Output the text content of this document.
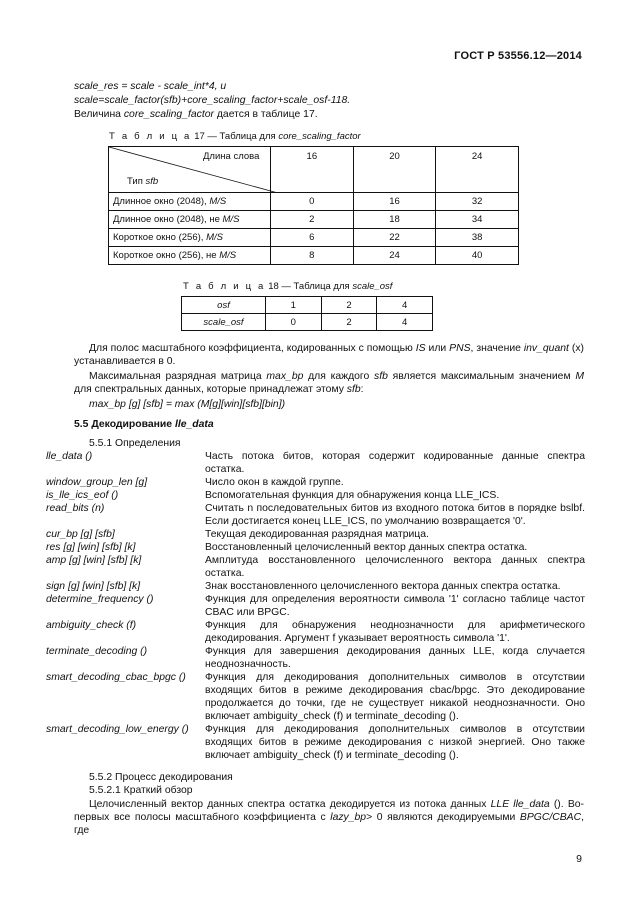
ГОСТ Р 53556.12—2014
scale_res = scale - scale_int*4, u
scale=scale_factor(sfb)+core_scaling_factor+scale_osf-118.
Величина core_scaling_factor дается в таблице 17.
Т а б л и ц а 17 — Таблица для core_scaling_factor
Длина слова
Тип sfb	16	20	24
Длинное окно (2048), M/S	0	16	32
Длинное окно (2048), не M/S	2	18	34
Короткое окно (256), M/S	6	22	38
Короткое окно (256), не M/S	8	24	40
Т а б л и ц а 18 — Таблица для scale_osf
osf	1	2	4
scale_osf	0	2	4
Для полос масштабного коэффициента, кодированных с помощью IS или PNS, значение inv_quant (x) устанавливается в 0.
Максимальная разрядная матрица max_bp для каждого sfb является максимальным значением M для спектральных данных, которые принадлежат этому sfb:
max_bp [g] [sfb] = max (M[g][win][sfb][bin])
5.5 Декодирование lle_data
5.5.1 Определения
lle_data ()	Часть потока битов, которая содержит кодированные данные спектра остатка.
window_group_len [g]	Число окон в каждой группе.
is_lle_ics_eof ()	Вспомогательная функция для обнаружения конца LLE_ICS.
read_bits (n)	Считать n последовательных битов из входного потока битов в порядке bslbf. Если достигается конец LLE_ICS, по умолчанию возвращается '0'.
cur_bp [g] [sfb]	Текущая декодированная разрядная матрица.
res [g] [win] [sfb] [k]	Восстановленный целочисленный вектор данных спектра остатка.
amp [g] [win] [sfb] [k]	Амплитуда восстановленного целочисленного вектора данных спектра остатка.
sign [g] [win] [sfb] [k]	Знак восстановленного целочисленного вектора данных спектра остатка.
determine_frequency ()	Функция для определения вероятности символа '1' согласно таблице частот CBAC или BPGC.
ambiguity_check (f)	Функция для обнаружения неоднозначности для арифметического декодирования. Аргумент f указывает вероятность символа '1'.
terminate_decoding ()	Функция для завершения декодирования данных LLE, когда случается неоднозначность.
smart_decoding_cbac_bpgc ()	Функция для декодирования дополнительных символов в отсутствии входящих битов в режиме декодирования cbac/bpgc. Это декодирование продолжается до точки, где не существует никакой неоднозначности. Оно включает ambiguity_check (f) и terminate_decoding ().
smart_decoding_low_energy ()	Функция для декодирования дополнительных символов в отсутствии входящих битов в режиме декодирования с низкой энергией. Оно также включает ambiguity_check (f) и terminate_decoding ().
5.5.2 Процесс декодирования
5.5.2.1 Краткий обзор
Целочисленный вектор данных спектра остатка декодируется из потока данных LLE lle_data (). Во-первых все полосы масштабного коэффициента с lazy_bp> 0 являются декодируемыми BPGC/CBAC, где
9
